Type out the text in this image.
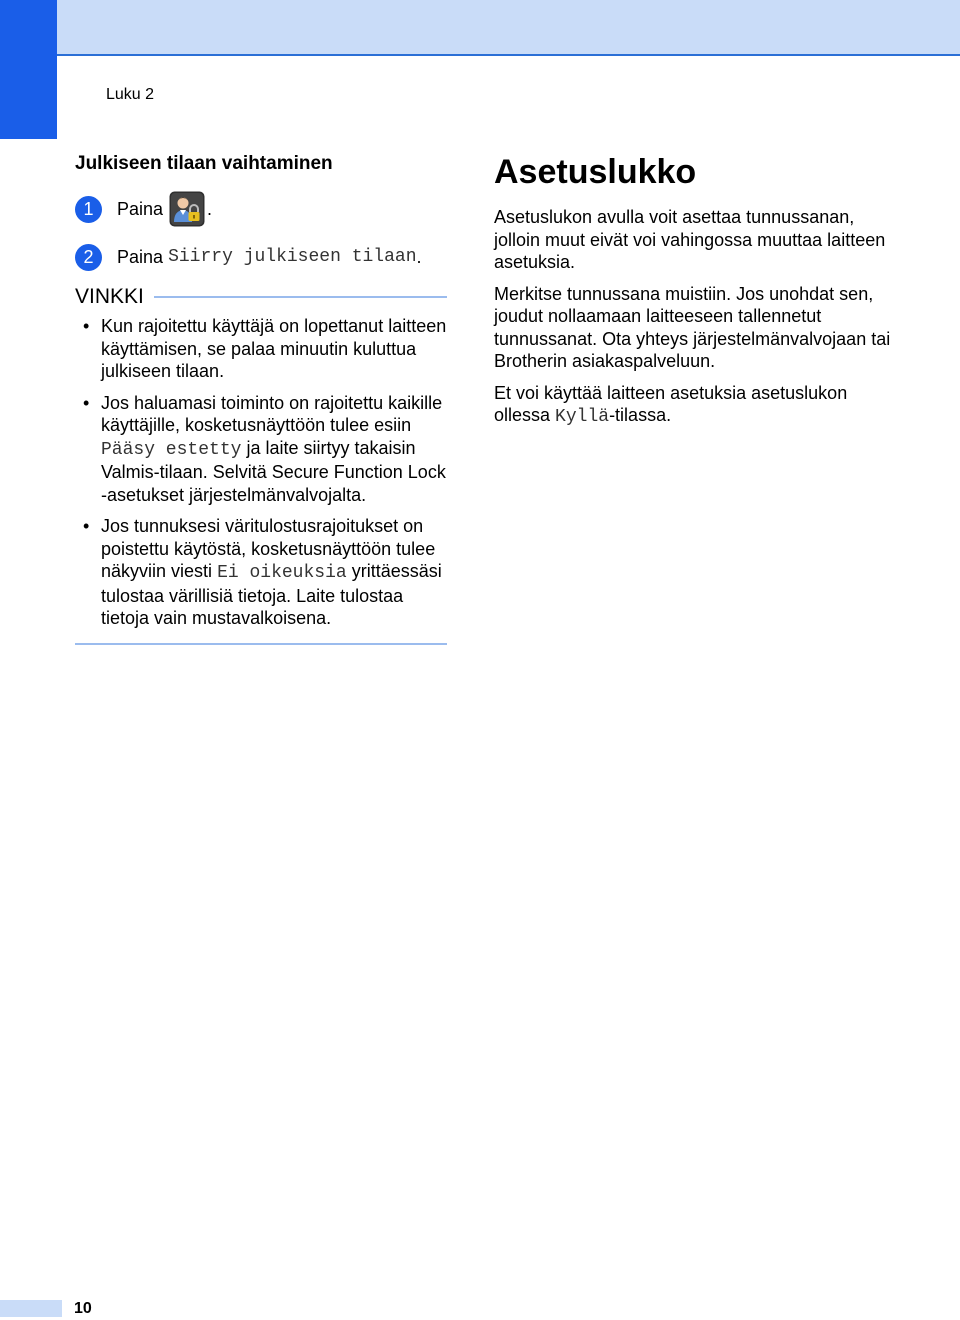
Luku 2
Julkiseen tilaan vaihtaminen
1	Paina .
2	Paina
Siirry julkiseen tilaan .
VINKKI
• Kun rajoitettu käyttäjä on lopettanut laitteen käyttämisen, se palaa minuutin kuluttua julkiseen tilaan.
• Jos haluamasi toiminto on rajoitettu kaikille käyttäjille, kosketusnäyttöön tulee esiin Pääsy estetty ja laite siirtyy takaisin Valmis-tilaan. Selvitä Secure Function Lock -asetukset järjestelmänvalvojalta.
• Jos tunnuksesi väritulostusrajoitukset on poistettu käytöstä, kosketusnäyttöön tulee näkyviin viesti Ei oikeuksia yrittäessäsi tulostaa värillisiä tietoja. Laite tulostaa tietoja vain mustavalkoisena.
Asetuslukko

Asetuslukon avulla voit asettaa tunnussanan, jolloin muut eivät voi vahingossa muuttaa laitteen asetuksia.

Merkitse tunnussana muistiin. Jos unohdat sen, joudut nollaamaan laitteeseen tallennetut tunnussanat. Ota yhteys järjestelmänvalvojaan tai Brotherin asiakaspalveluun.

Et voi käyttää laitteen asetuksia asetuslukon ollessa Kyllä-tilassa.

10
